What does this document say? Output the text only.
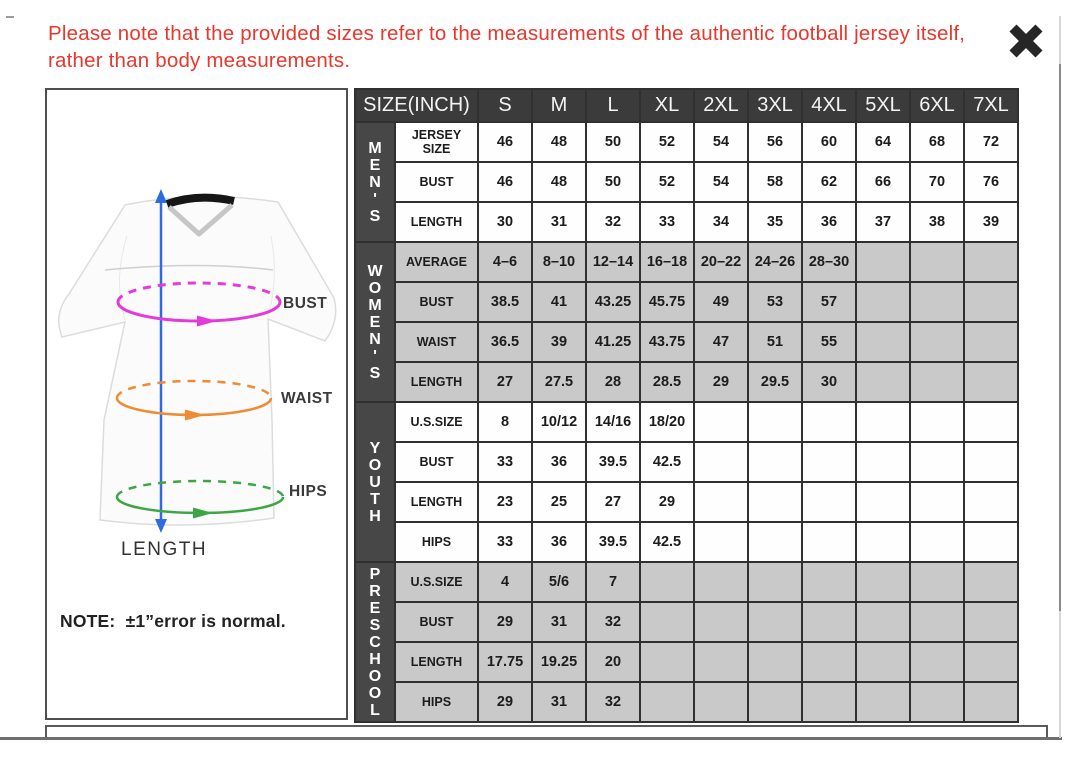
Please note that the provided sizes refer to the measurements of the authentic football jersey itself, rather than body measurements.
BUST
WAIST
HIPS
LENGTH
NOTE:  ±1”error is normal.
SIZE(INCH)		S	M	L	XL	2XL	3XL	4XL	5XL	6XL	7XL

M
E
N
'
S	JERSEY SIZE	46	48	50	52	54	56	60	64	68	72
	BUST	46	48	50	52	54	58	62	66	70	76
	LENGTH	30	31	32	33	34	35	36	37	38	39

W
O
M
E
N
'
S
	AVERAGE	4–6	8–10	12–14	16–18	20–22	24–26	28–30			
	BUST	38.5	41	43.25	45.75	49	53	57			
	WAIST	36.5	39	41.25	43.75	47	51	55			
	LENGTH	27	27.5	28	28.5	29	29.5	30			

Y
O
U
T
H	U.S.SIZE	8	10/12	14/16	18/20						
	BUST	33	36	39.5	42.5						
	LENGTH	23	25	27	29						
	HIPS	33	36	39.5	42.5						

P
R
E
S
C
H
O
O
L
	U.S.SIZE	4	5/6	7							
	BUST	29	31	32							
	LENGTH	17.75	19.25	20							
	HIPS	29	31	32							
